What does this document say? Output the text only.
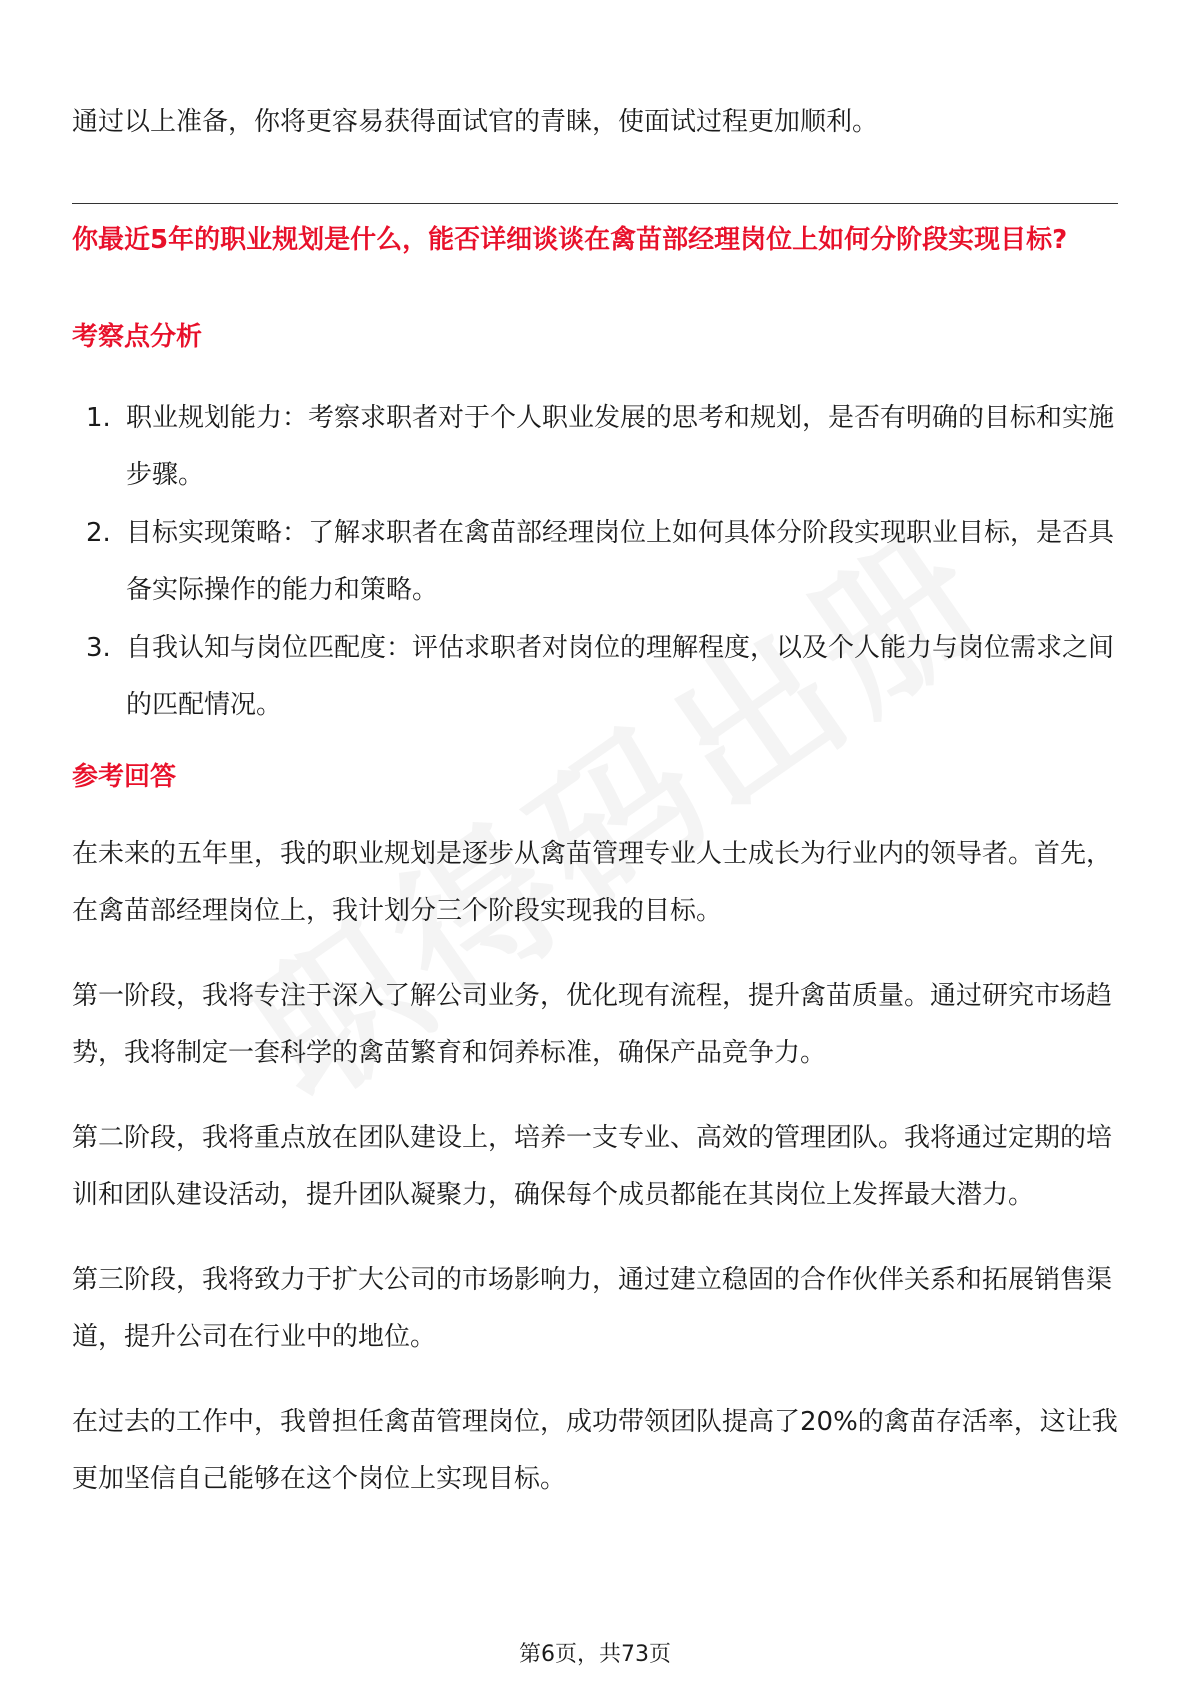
通过以上准备，你将更容易获得面试官的青睐，使面试过程更加顺利。

你最近5年的职业规划是什么，能否详细谈谈在禽苗部经理岗位上如何分阶段实现目标?
考察点分析
1. 职业规划能力：考察求职者对于个人职业发展的思考和规划，是否有明确的目标和实施步骤。
2. 目标实现策略：了解求职者在禽苗部经理岗位上如何具体分阶段实现职业目标，是否具备实际操作的能力和策略。
3. 自我认知与岗位匹配度：评估求职者对岗位的理解程度，以及个人能力与岗位需求之间的匹配情况。
参考回答

在未来的五年里，我的职业规划是逐步从禽苗管理专业人士成长为行业内的领导者。首先，在禽苗部经理岗位上，我计划分三个阶段实现我的目标。

第一阶段，我将专注于深入了解公司业务，优化现有流程，提升禽苗质量。通过研究市场趋势，我将制定一套科学的禽苗繁育和饲养标准，确保产品竞争力。

第二阶段，我将重点放在团队建设上，培养一支专业、高效的管理团队。我将通过定期的培训和团队建设活动，提升团队凝聚力，确保每个成员都能在其岗位上发挥最大潜力。

第三阶段，我将致力于扩大公司的市场影响力，通过建立稳固的合作伙伴关系和拓展销售渠道，提升公司在行业中的地位。

在过去的工作中，我曾担任禽苗管理岗位，成功带领团队提高了20%的禽苗存活率，这让我更加坚信自己能够在这个岗位上实现目标。

第6页，共73页
